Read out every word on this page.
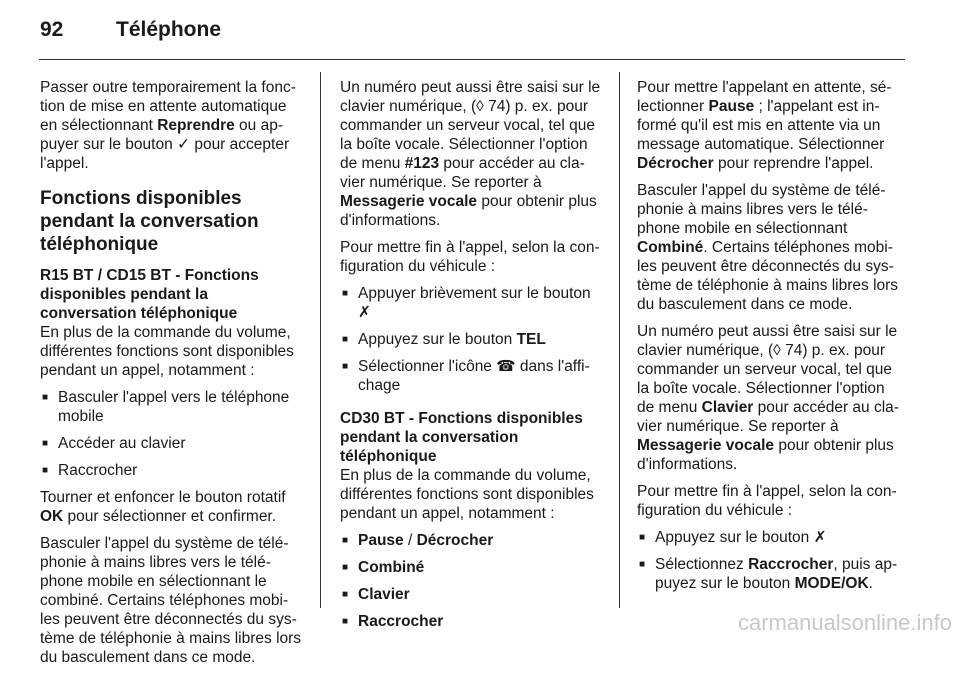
92	Téléphone

Passer outre temporairement la fonc-tion de mise en attente automatique en sélectionnant Reprendre ou ap-puyer sur le bouton ✓ pour accepter l'appel.

Fonctions disponibles pendant la conversation téléphonique
R15 BT / CD15 BT - Fonctions disponibles pendant la conversation téléphonique

En plus de la commande du volume, différentes fonctions sont disponibles pendant un appel, notamment :

■ Basculer l'appel vers le téléphone mobile
■ Accéder au clavier
■ Raccrocher

Tourner et enfoncer le bouton rotatif OK pour sélectionner et confirmer.

Basculer l'appel du système de télé-phonie à mains libres vers le télé-phone mobile en sélectionnant le combiné. Certains téléphones mobi-les peuvent être déconnectés du sys-tème de téléphonie à mains libres lors du basculement dans ce mode.

Un numéro peut aussi être saisi sur le clavier numérique, (◊ 74) p. ex. pour commander un serveur vocal, tel que la boîte vocale. Sélectionner l'option de menu #123 pour accéder au cla-vier numérique. Se reporter à Messagerie vocale pour obtenir plus d'informations.

Pour mettre fin à l'appel, selon la con-figuration du véhicule :

■ Appuyer brièvement sur le bouton
✗
■ Appuyez sur le bouton TEL
■ Sélectionner l'icône ☎ dans l'affi-chage
CD30 BT - Fonctions disponibles pendant la conversation téléphonique

En plus de la commande du volume, différentes fonctions sont disponibles pendant un appel, notamment :

■ Pause / Décrocher
■ Combiné
■ Clavier
■ Raccrocher

Pour mettre l'appelant en attente, sé-lectionner Pause ; l'appelant est in-formé qu'il est mis en attente via un message automatique. Sélectionner Décrocher pour reprendre l'appel.

Basculer l'appel du système de télé-phonie à mains libres vers le télé-phone mobile en sélectionnant Combiné. Certains téléphones mobi-les peuvent être déconnectés du sys-tème de téléphonie à mains libres lors du basculement dans ce mode.

Un numéro peut aussi être saisi sur le clavier numérique, (◊ 74) p. ex. pour commander un serveur vocal, tel que la boîte vocale. Sélectionner l'option de menu Clavier pour accéder au cla-vier numérique. Se reporter à Messagerie vocale pour obtenir plus d'informations.

Pour mettre fin à l'appel, selon la con-figuration du véhicule :

■ Appuyez sur le bouton ✗
■ Sélectionnez Raccrocher, puis ap-puyez sur le bouton MODE/OK.
carmanualsonline.info
